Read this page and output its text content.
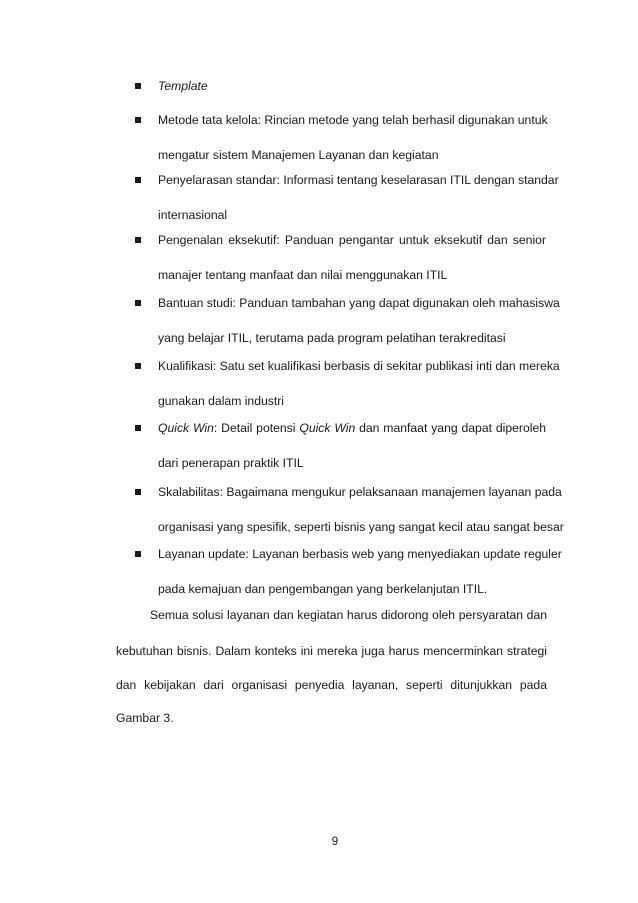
Template
Metode tata kelola: Rincian metode yang telah berhasil digunakan untuk
mengatur sistem Manajemen Layanan dan kegiatan
Penyelarasan standar: Informasi tentang keselarasan ITIL dengan standar
internasional
Pengenalan eksekutif: Panduan pengantar untuk eksekutif dan senior
manajer tentang manfaat dan nilai menggunakan ITIL
Bantuan studi: Panduan tambahan yang dapat digunakan oleh mahasiswa
yang belajar ITIL, terutama pada program pelatihan terakreditasi
Kualifikasi: Satu set kualifikasi berbasis di sekitar publikasi inti dan mereka
gunakan dalam industri
Quick Win: Detail potensi Quick Win dan manfaat yang dapat diperoleh
dari penerapan praktik ITIL
Skalabilitas: Bagaimana mengukur pelaksanaan manajemen layanan pada
organisasi yang spesifik, seperti bisnis yang sangat kecil atau sangat besar
Layanan update: Layanan berbasis web yang menyediakan update reguler
pada kemajuan dan pengembangan yang berkelanjutan ITIL.
Semua solusi layanan dan kegiatan harus didorong oleh persyaratan dan
kebutuhan bisnis. Dalam konteks ini mereka juga harus mencerminkan strategi
dan kebijakan dari organisasi penyedia layanan, seperti ditunjukkan pada
Gambar 3.
9
